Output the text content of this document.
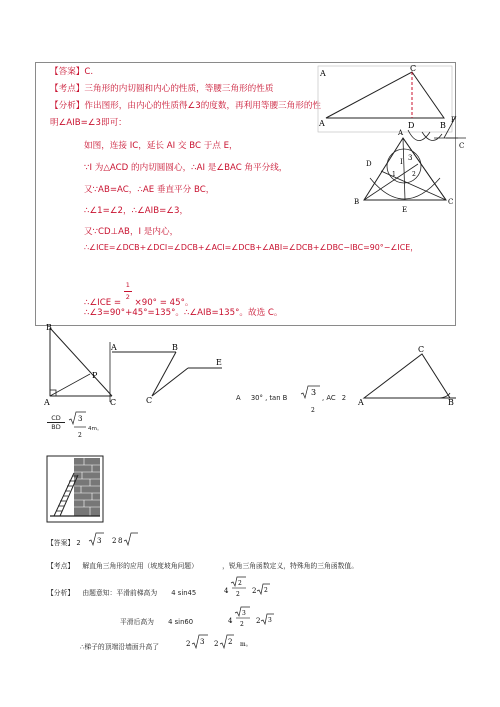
【答案】C.
【考点】三角形的内切圆和内心的性质，等腰三角形的性质
【分析】作出图形，由内心的性质得∠3的度数，再利用等腰三角形的性
明∠AIB=∠3即可：
如图，连接 IC，延长 AI 交 BC 于点 E，
∵I 为△ACD 的内切圆圆心，∴AI 是∠BAC 角平分线，
又∵AB=AC，∴AE 垂直平分 BC，
∴∠1=∠2，∴∠AIB=∠3，
又∵CD⊥AB，I 是内心，
∴∠ICE=∠DCB+∠DCI=∠DCB+∠ACI=∠DCB+∠ABI=∠DCB+∠DBC−IBC=90°−∠ICE，
∴∠ICE = $\frac{1}{2} \times 90^\circ = 45^\circ$。
∴∠3=90°+45°=135°。∴∠AIB=135°。故选 C。
A
C
A	D	B
A
D	I 3
1	2
B	C
E
P
C
B
P
A	C
A	B
C
E
A 30° , tan B
3
2
, AC 2
C
A	B
CD
BD
3
2
4m。
【答案】 2 3 2 8
【考点】 解直角三角形的应用（坡度坡角问题）	，锐角三角函数定义，特殊角的三角函数值。
【分析】 由题意知：平滑前梯高为 4 sin45	4
2
2 2 2
平滑后高为 4 sin60	4
3
2 2 3
∴梯子的顶端沿墙面升高了	2 3 2 2 m。
